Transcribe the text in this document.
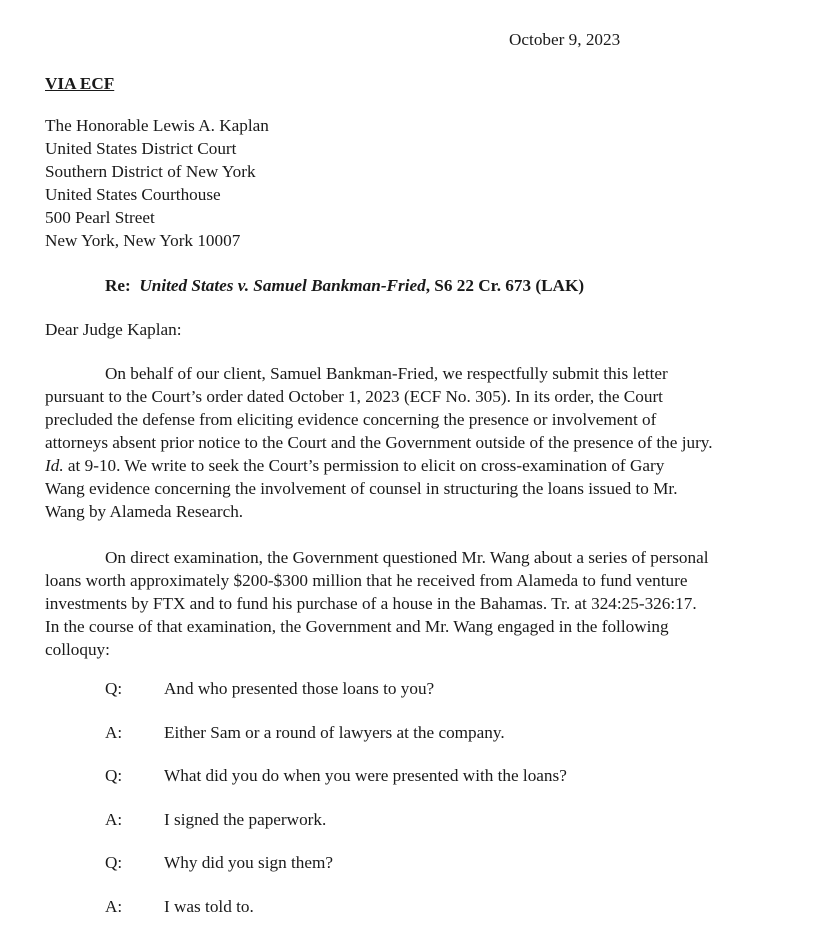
October 9, 2023
VIA ECF
The Honorable Lewis A. Kaplan
United States District Court
Southern District of New York
United States Courthouse
500 Pearl Street
New York, New York 10007
Re: United States v. Samuel Bankman-Fried, S6 22 Cr. 673 (LAK)
Dear Judge Kaplan:
On behalf of our client, Samuel Bankman-Fried, we respectfully submit this letter
pursuant to the Court’s order dated October 1, 2023 (ECF No. 305). In its order, the Court
precluded the defense from eliciting evidence concerning the presence or involvement of
attorneys absent prior notice to the Court and the Government outside of the presence of the jury.
Id. at 9-10. We write to seek the Court’s permission to elicit on cross-examination of Gary
Wang evidence concerning the involvement of counsel in structuring the loans issued to Mr.
Wang by Alameda Research.
On direct examination, the Government questioned Mr. Wang about a series of personal
loans worth approximately $200-$300 million that he received from Alameda to fund venture
investments by FTX and to fund his purchase of a house in the Bahamas. Tr. at 324:25-326:17.
In the course of that examination, the Government and Mr. Wang engaged in the following
colloquy:
Q: And who presented those loans to you?
A: Either Sam or a round of lawyers at the company.
Q: What did you do when you were presented with the loans?
A: I signed the paperwork.
Q: Why did you sign them?
A: I was told to.
